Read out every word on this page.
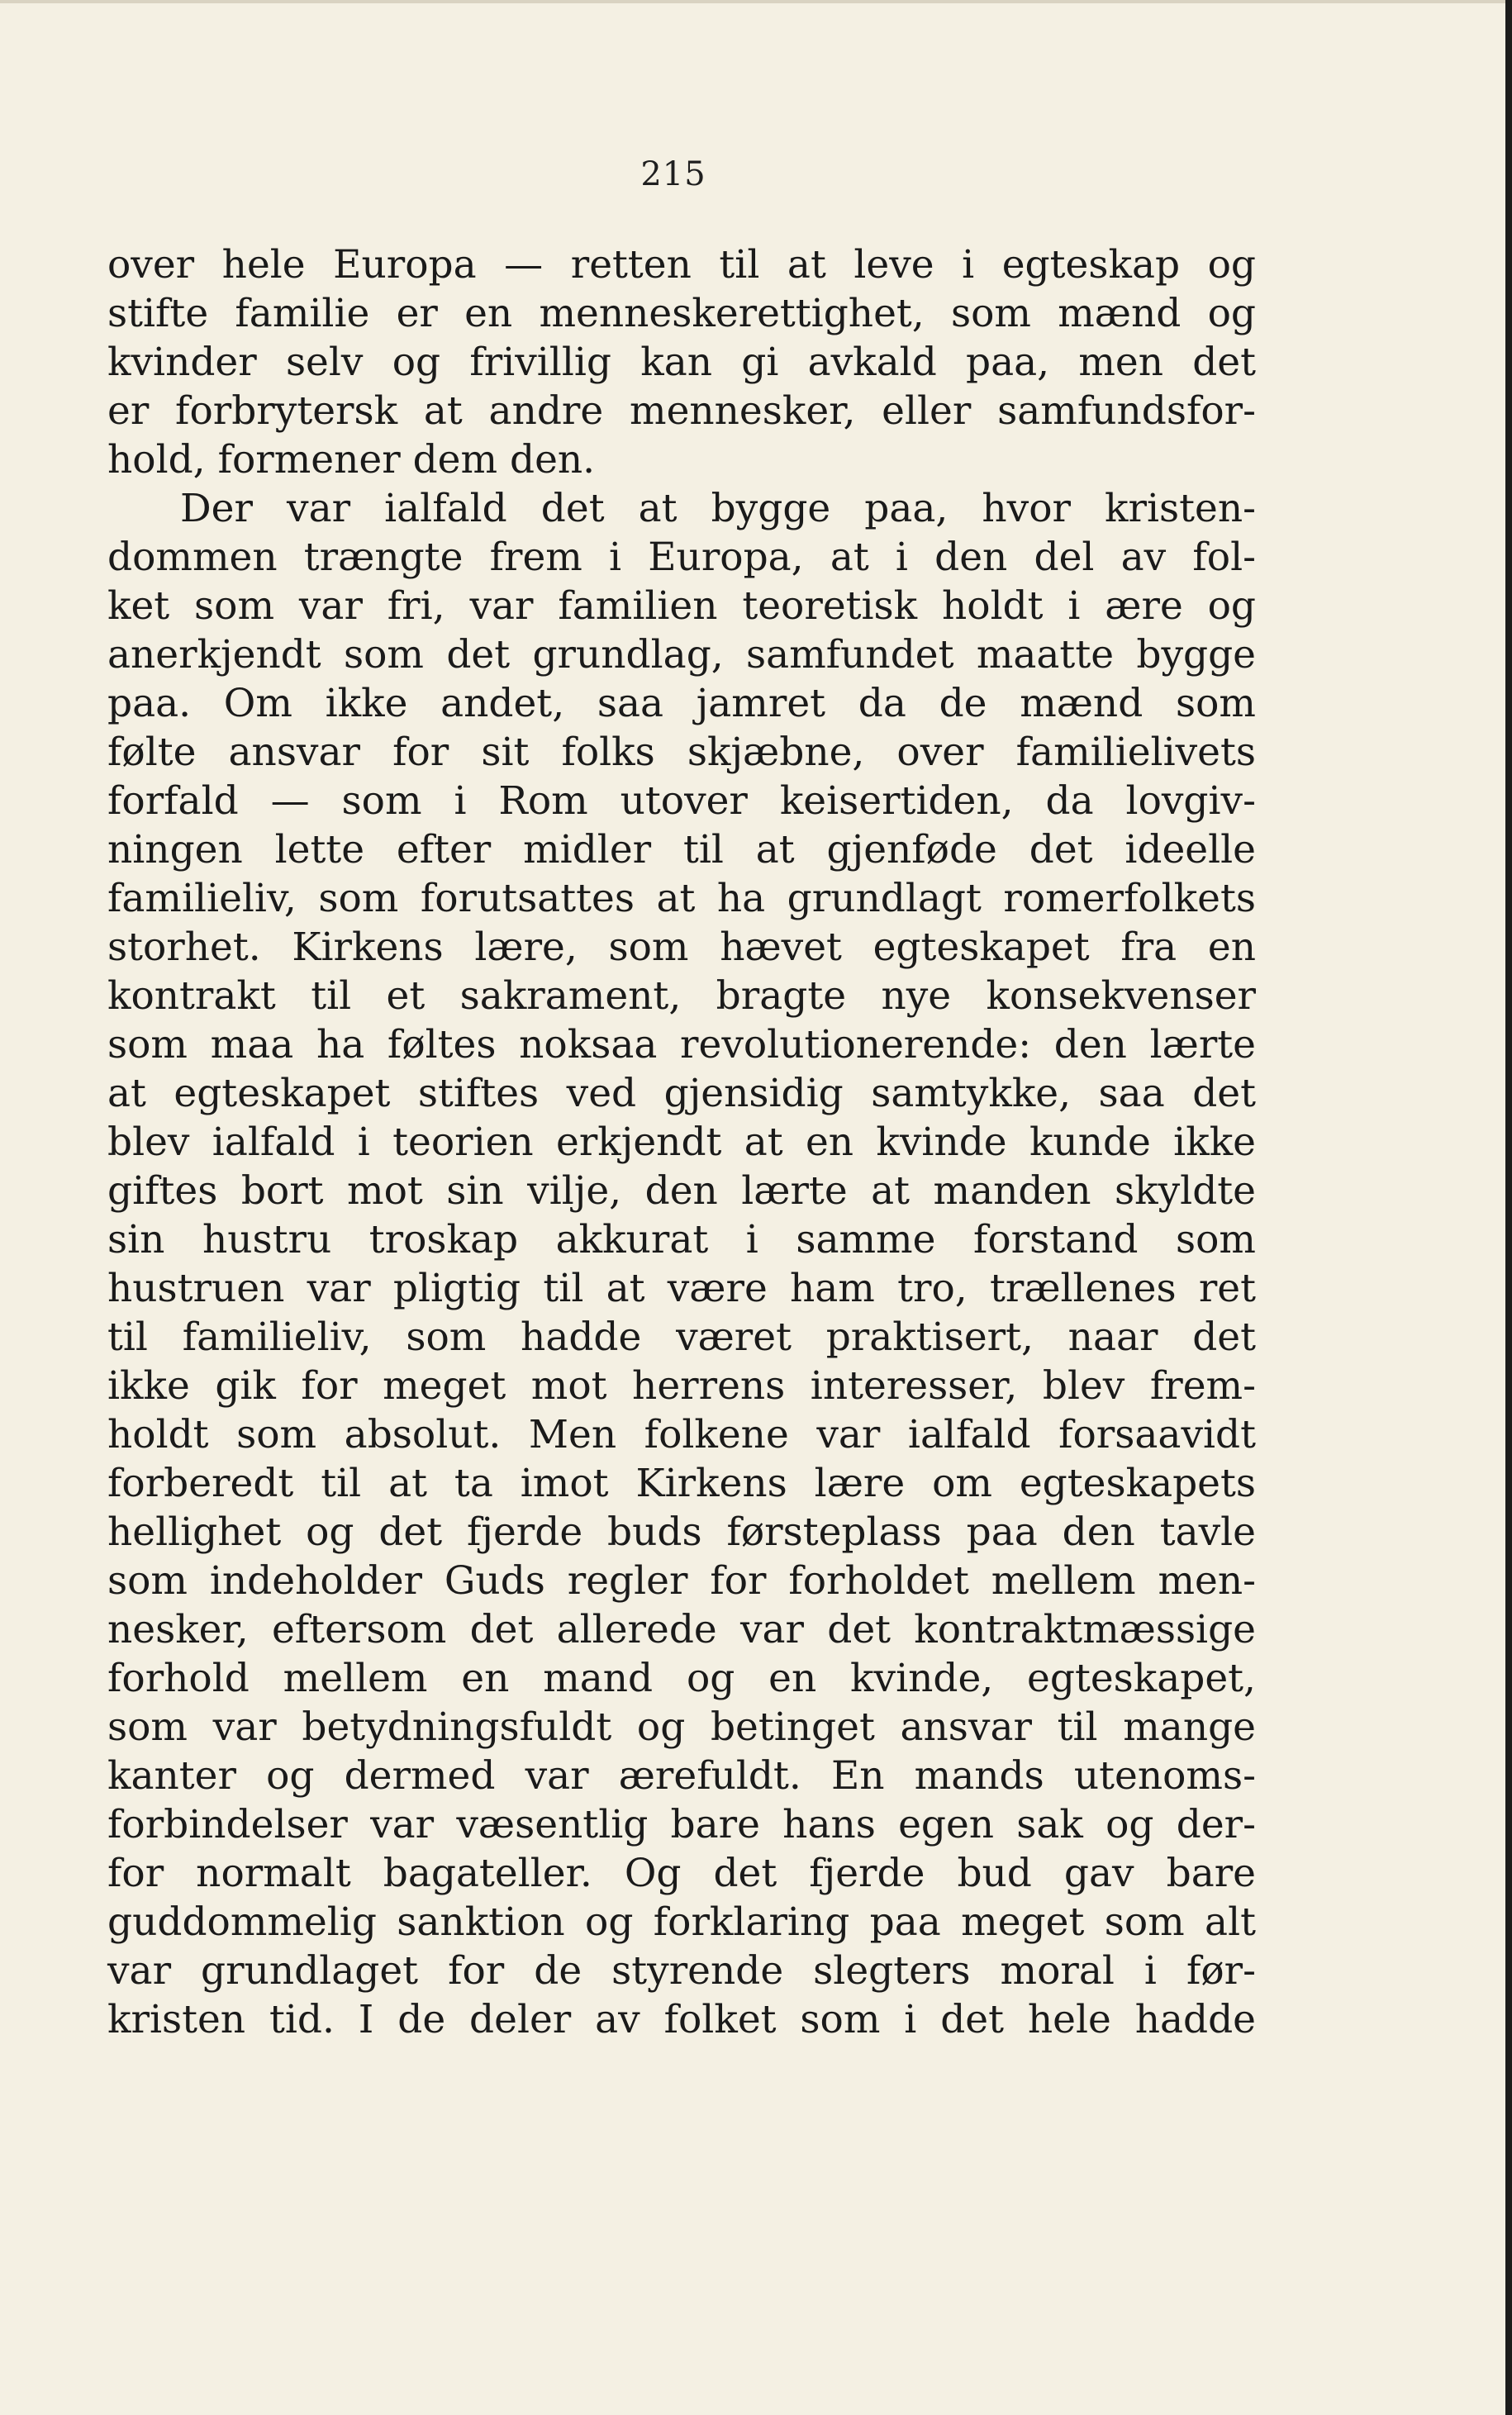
215
over hele Europa — retten til at leve i egteskap og
stifte familie er en menneskerettighet, som mænd og
kvinder selv og frivillig kan gi avkald paa, men det
er forbrytersk at andre mennesker, eller samfundsfor-
hold, formener dem den.
Der var ialfald det at bygge paa, hvor kristen-
dommen trængte frem i Europa, at i den del av fol-
ket som var fri, var familien teoretisk holdt i ære og
anerkjendt som det grundlag, samfundet maatte bygge
paa. Om ikke andet, saa jamret da de mænd som
følte ansvar for sit folks skjæbne, over familielivets
forfald — som i Rom utover keisertiden, da lovgiv-
ningen lette efter midler til at gjenføde det ideelle
familieliv, som forutsattes at ha grundlagt romerfolkets
storhet. Kirkens lære, som hævet egteskapet fra en
kontrakt til et sakrament, bragte nye konsekvenser
som maa ha føltes noksaa revolutionerende: den lærte
at egteskapet stiftes ved gjensidig samtykke, saa det
blev ialfald i teorien erkjendt at en kvinde kunde ikke
giftes bort mot sin vilje, den lærte at manden skyldte
sin hustru troskap akkurat i samme forstand som
hustruen var pligtig til at være ham tro, trællenes ret
til familieliv, som hadde været praktisert, naar det
ikke gik for meget mot herrens interesser, blev frem-
holdt som absolut. Men folkene var ialfald forsaavidt
forberedt til at ta imot Kirkens lære om egteskapets
hellighet og det fjerde buds førsteplass paa den tavle
som indeholder Guds regler for forholdet mellem men-
nesker, eftersom det allerede var det kontraktmæssige
forhold mellem en mand og en kvinde, egteskapet,
som var betydningsfuldt og betinget ansvar til mange
kanter og dermed var ærefuldt. En mands utenoms-
forbindelser var væsentlig bare hans egen sak og der-
for normalt bagateller. Og det fjerde bud gav bare
guddommelig sanktion og forklaring paa meget som alt
var grundlaget for de styrende slegters moral i før-
kristen tid. I de deler av folket som i det hele hadde
